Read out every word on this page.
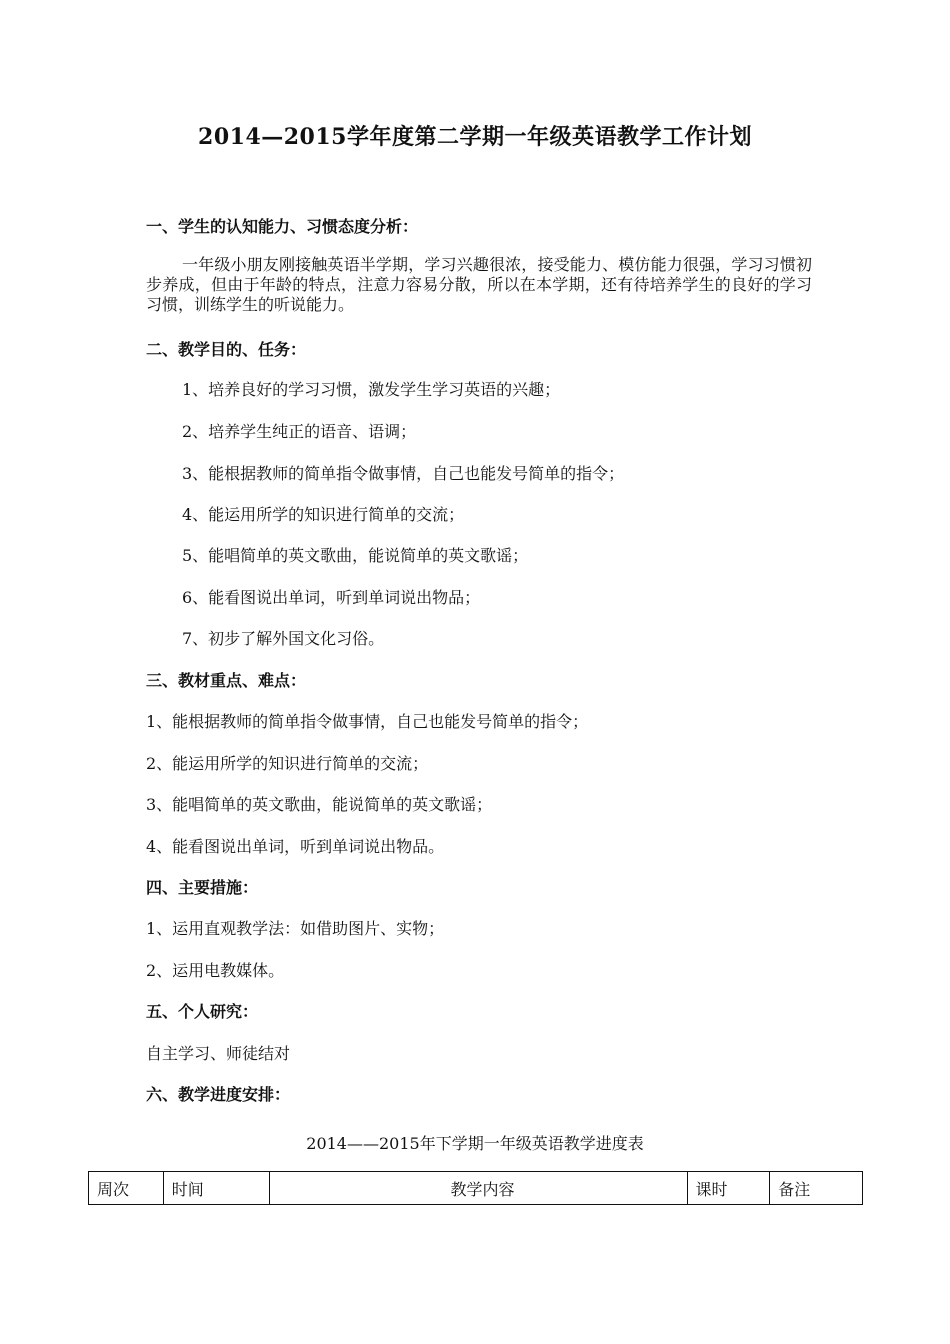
2014—2015学年度第二学期一年级英语教学工作计划
一、学生的认知能力、习惯态度分析：
一年级小朋友刚接触英语半学期，学习兴趣很浓，接受能力、模仿能力很强，学习习惯初步养成，但由于年龄的特点，注意力容易分散，所以在本学期，还有待培养学生的良好的学习习惯，训练学生的听说能力。
二、教学目的、任务：
1、培养良好的学习习惯，激发学生学习英语的兴趣；
2、培养学生纯正的语音、语调；
3、能根据教师的简单指令做事情，自己也能发号简单的指令；
4、能运用所学的知识进行简单的交流；
5、能唱简单的英文歌曲，能说简单的英文歌谣；
6、能看图说出单词，听到单词说出物品；
7、初步了解外国文化习俗。
三、教材重点、难点：
1、能根据教师的简单指令做事情，自己也能发号简单的指令；
2、能运用所学的知识进行简单的交流；
3、能唱简单的英文歌曲，能说简单的英文歌谣；
4、能看图说出单词，听到单词说出物品。
四、主要措施：
1、运用直观教学法：如借助图片、实物；
2、运用电教媒体。
五、个人研究：
自主学习、师徒结对
六、教学进度安排：
2014——2015年下学期一年级英语教学进度表
周次	时间	教学内容	课时	备注
